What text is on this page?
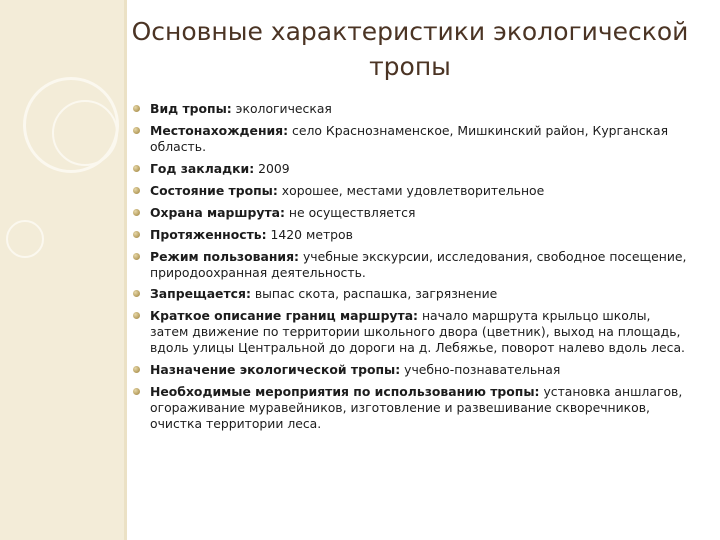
Основные характеристики экологической тропы
Вид тропы: экологическая
Местонахождения: село Краснознаменское, Мишкинский район, Курганская область.
Год закладки: 2009
Состояние тропы: хорошее, местами удовлетворительное
Охрана маршрута: не осуществляется
Протяженность: 1420 метров
Режим пользования: учебные экскурсии, исследования, свободное посещение, природоохранная деятельность.
Запрещается: выпас скота, распашка, загрязнение
Краткое описание границ маршрута: начало маршрута крыльцо школы, затем движение по территории школьного двора (цветник), выход на площадь, вдоль улицы Центральной до дороги на д. Лебяжье, поворот налево вдоль леса.
Назначение экологической тропы: учебно-познавательная
Необходимые мероприятия по использованию тропы: установка аншлагов, огораживание муравейников, изготовление и развешивание скворечников, очистка территории леса.
